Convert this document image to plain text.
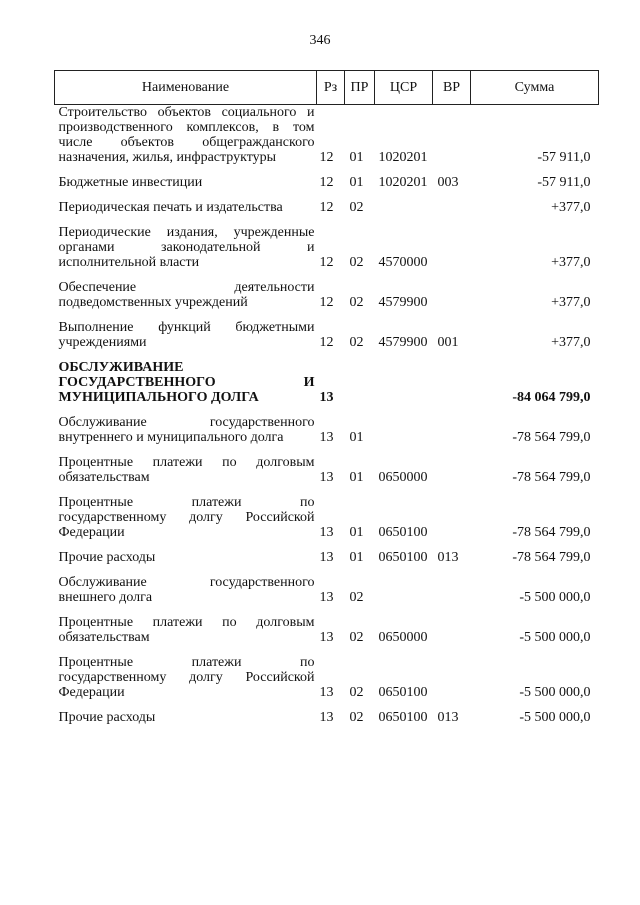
346
Наименование	Рз	ПР	ЦСР	ВР	Сумма
Строительство объектов социального и производственного комплексов, в том числе объектов общегражданского назначения, жилья, инфраструктуры	12	01	1020201		-57 911,0
Бюджетные инвестиции	12	01	1020201	003	-57 911,0
Периодическая печать и издательства	12	02			+377,0
Периодические издания, учрежденные органами законодательной и исполнительной власти	12	02	4570000		+377,0
Обеспечение деятельности подведомственных учреждений	12	02	4579900		+377,0
Выполнение функций бюджетными учреждениями	12	02	4579900	001	+377,0
ОБСЛУЖИВАНИЕ ГОСУДАРСТВЕННОГО И МУНИЦИПАЛЬНОГО ДОЛГА	13				-84 064 799,0
Обслуживание государственного внутреннего и муниципального долга	13	01			-78 564 799,0
Процентные платежи по долговым обязательствам	13	01	0650000		-78 564 799,0
Процентные платежи по государственному долгу Российской Федерации	13	01	0650100		-78 564 799,0
Прочие расходы	13	01	0650100	013	-78 564 799,0
Обслуживание государственного внешнего долга	13	02			-5 500 000,0
Процентные платежи по долговым обязательствам	13	02	0650000		-5 500 000,0
Процентные платежи по государственному долгу Российской Федерации	13	02	0650100		-5 500 000,0
Прочие расходы	13	02	0650100	013	-5 500 000,0
